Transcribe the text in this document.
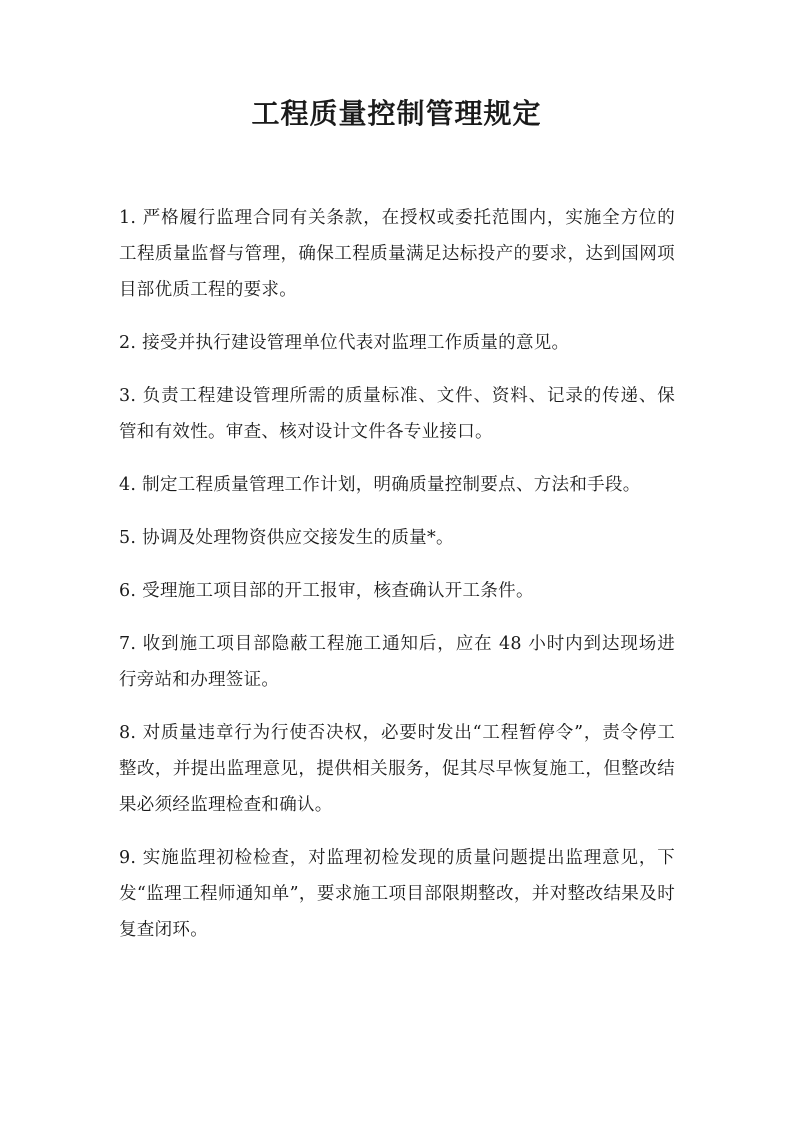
工程质量控制管理规定

1. 严格履行监理合同有关条款，在授权或委托范围内，实施全方位的工程质量监督与管理，确保工程质量满足达标投产的要求，达到国网项目部优质工程的要求。

2. 接受并执行建设管理单位代表对监理工作质量的意见。

3. 负责工程建设管理所需的质量标准、文件、资料、记录的传递、保管和有效性。审查、核对设计文件各专业接口。

4. 制定工程质量管理工作计划，明确质量控制要点、方法和手段。

5. 协调及处理物资供应交接发生的质量*。

6. 受理施工项目部的开工报审，核查确认开工条件。

7. 收到施工项目部隐蔽工程施工通知后，应在 48 小时内到达现场进行旁站和办理签证。

8. 对质量违章行为行使否决权，必要时发出“工程暂停令”，责令停工整改，并提出监理意见，提供相关服务，促其尽早恢复施工，但整改结果必须经监理检查和确认。

9. 实施监理初检检查，对监理初检发现的质量问题提出监理意见，下发“监理工程师通知单”，要求施工项目部限期整改，并对整改结果及时复查闭环。
